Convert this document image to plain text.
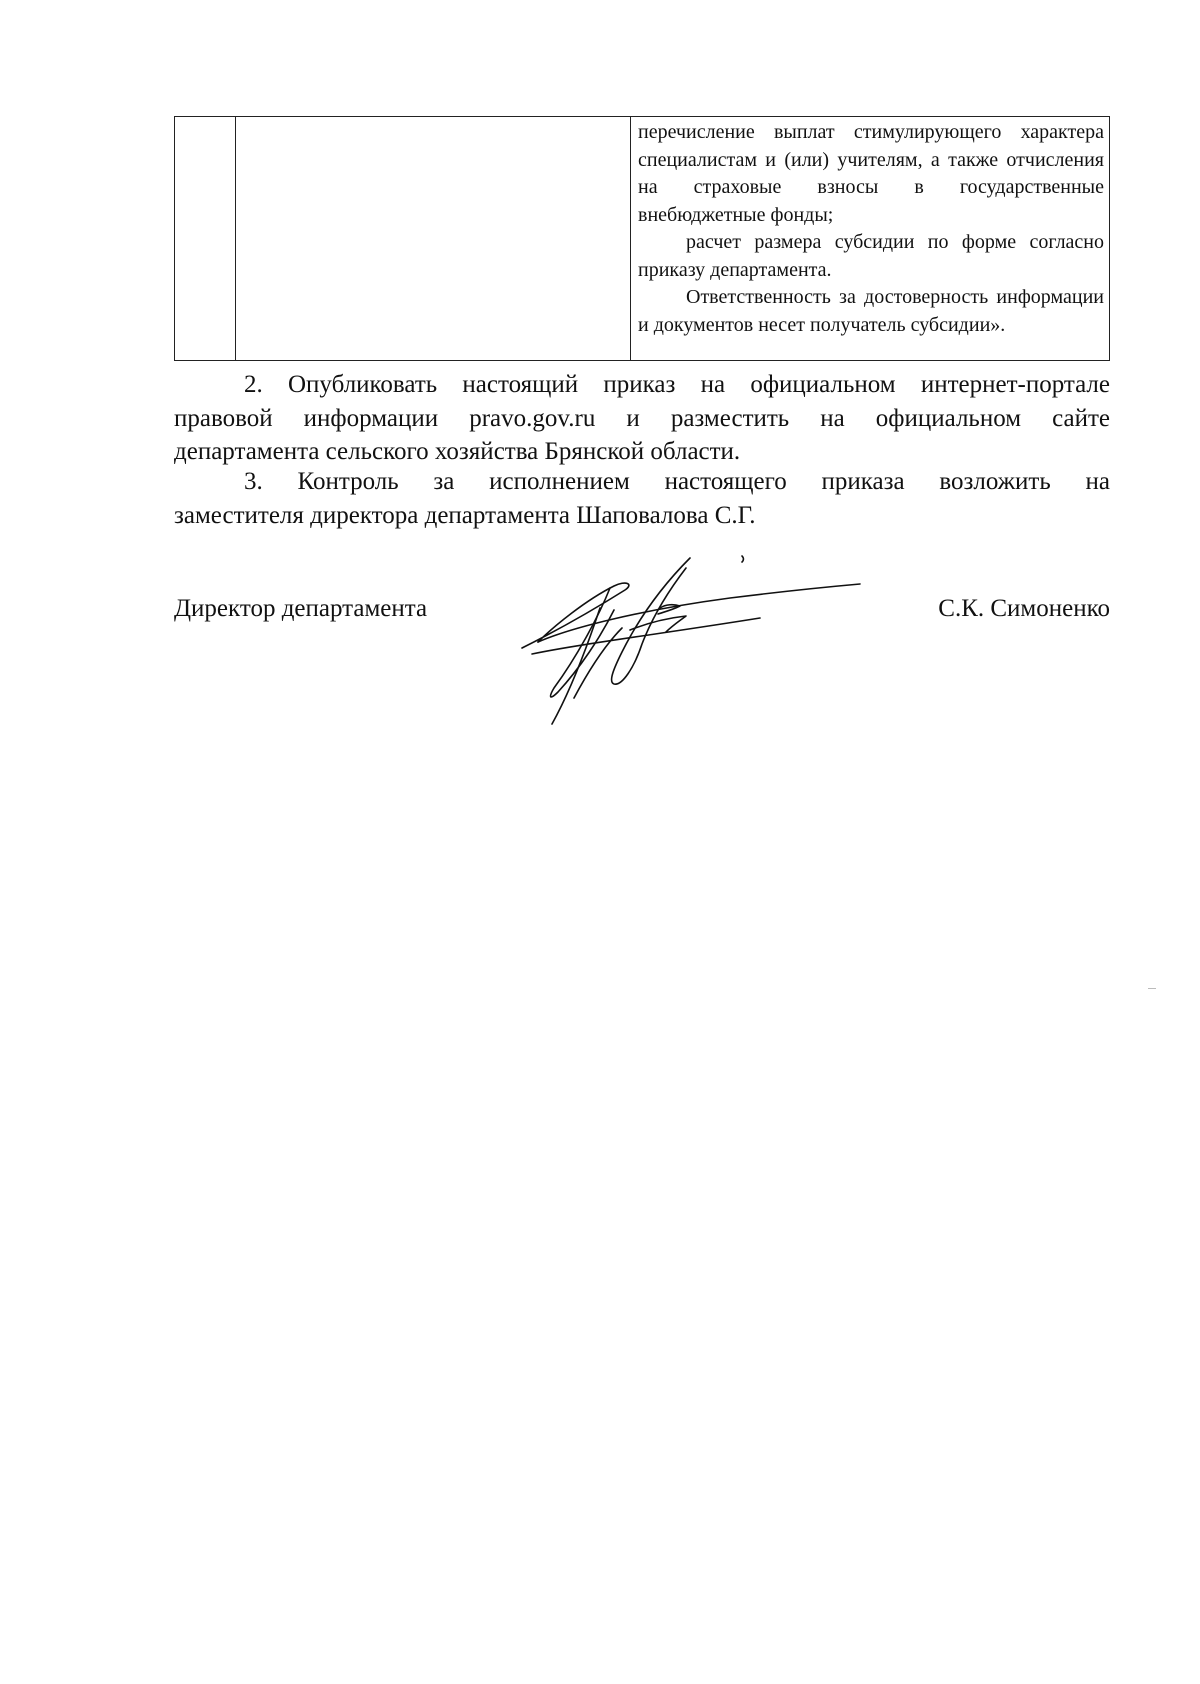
перечисление выплат стимулирующего характера специалистам и (или) учителям, а также отчисления на страховые взносы в государственные внебюджетные фонды;

расчет размера субсидии по форме согласно приказу департамента.

Ответственность за достоверность информации и документов несет получатель субсидии».

2. Опубликовать настоящий приказ на официальном интернет-портале
правовой информации pravo.gov.ru и разместить на официальном сайте
департамента сельского хозяйства Брянской области.
3. Контроль за исполнением настоящего приказа возложить на
заместителя директора департамента Шаповалова С.Г.
Директор департамента	С.К. Симоненко
